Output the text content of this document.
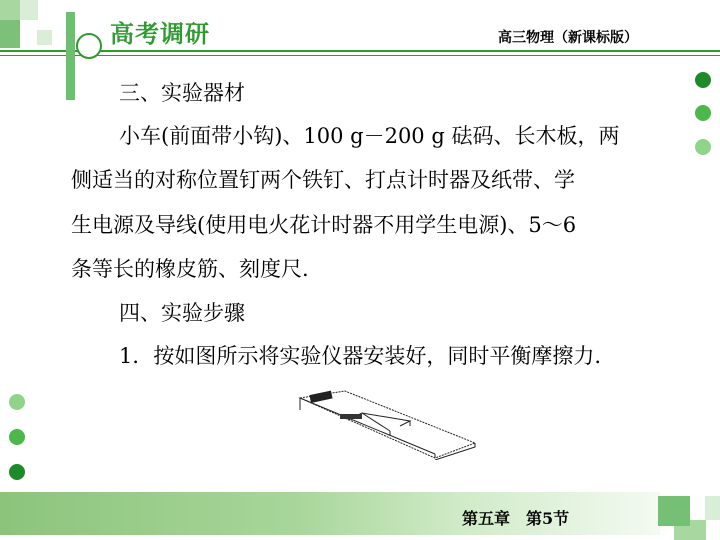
高考调研	高三物理（新课标版）
三、实验器材
小车(前面带小钩)、100 g－200 g 砝码、长木板，两
侧适当的对称位置钉两个铁钉、打点计时器及纸带、学
生电源及导线(使用电火花计时器不用学生电源)、5～6
条等长的橡皮筋、刻度尺.
四、实验步骤
1．按如图所示将实验仪器安装好，同时平衡摩擦力.
第五章　第5节
